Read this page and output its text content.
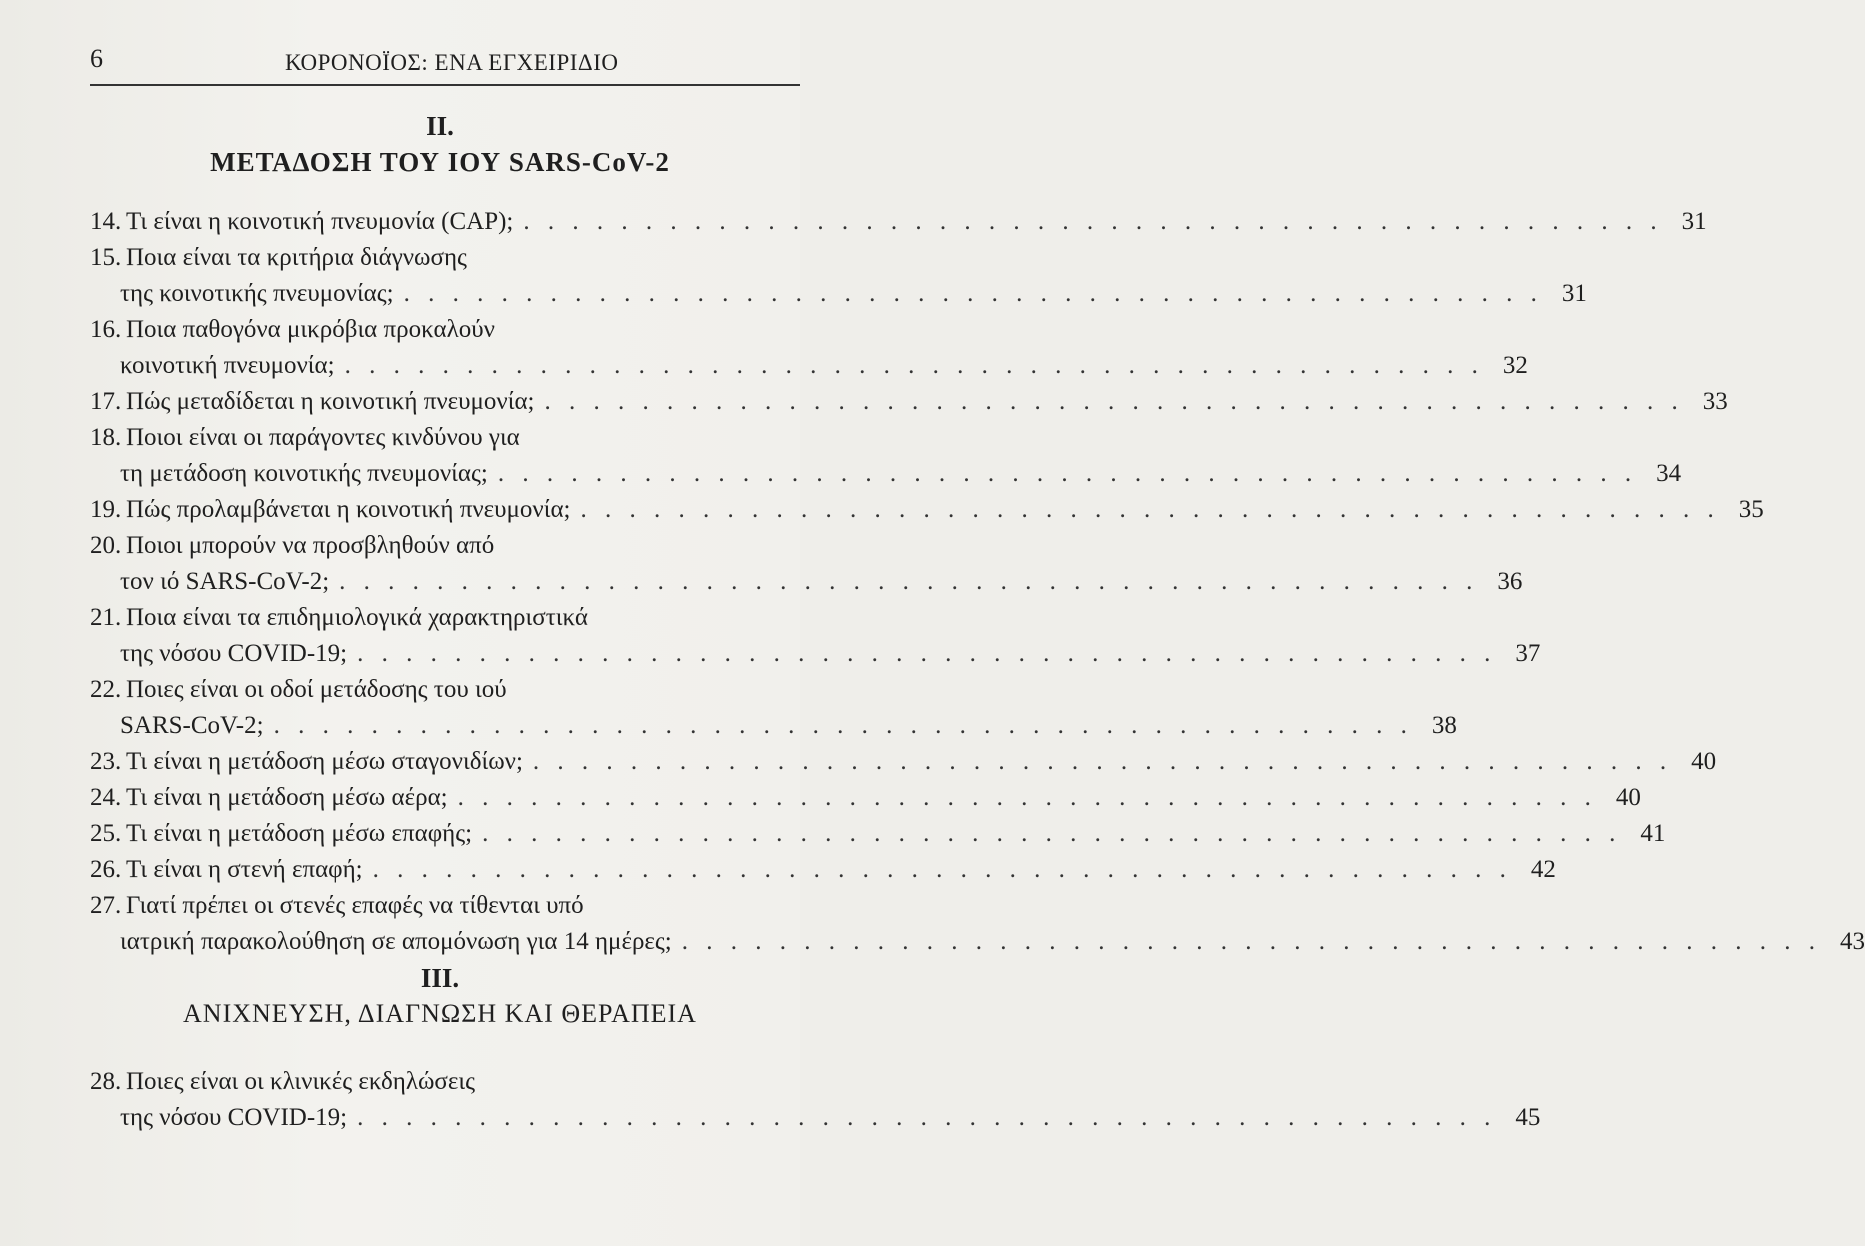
6	ΚΟΡΟΝΟΪΟΣ: ΕΝΑ ΕΓΧΕΙΡΙΔΙΟ
II.
ΜΕΤΑΔΟΣΗ ΤΟΥ ΙΟΥ SARS-CoV-2
14. Τι είναι η κοινοτική πνευμονία (CAP); . . . . . . . . . . . . . . . . . . . . . . . . . . . . . . . . . . . . . . . . . . . . . . . 31
15. Ποια είναι τα κριτήρια διάγνωσης
της κοινοτικής πνευμονίας; . . . . . . . . . . . . . . . . . . . . . . . . . . . . . . . . . . . . . . . . . . . . . . . 31
16. Ποια παθογόνα μικρόβια προκαλούν
κοινοτική πνευμονία; . . . . . . . . . . . . . . . . . . . . . . . . . . . . . . . . . . . . . . . . . . . . . . . 32
17. Πώς μεταδίδεται η κοινοτική πνευμονία; . . . . . . . . . . . . . . . . . . . . . . . . . . . . . . . . . . . . . . . . . . . . . . . 33
18. Ποιοι είναι οι παράγοντες κινδύνου για
τη μετάδοση κοινοτικής πνευμονίας; . . . . . . . . . . . . . . . . . . . . . . . . . . . . . . . . . . . . . . . . . . . . . . . 34
19. Πώς προλαμβάνεται η κοινοτική πνευμονία; . . . . . . . . . . . . . . . . . . . . . . . . . . . . . . . . . . . . . . . . . . . . . . . 35
20. Ποιοι μπορούν να προσβληθούν από
τον ιό SARS-CoV-2; . . . . . . . . . . . . . . . . . . . . . . . . . . . . . . . . . . . . . . . . . . . . . . . 36
21. Ποια είναι τα επιδημιολογικά χαρακτηριστικά
της νόσου COVID-19; . . . . . . . . . . . . . . . . . . . . . . . . . . . . . . . . . . . . . . . . . . . . . . . 37
22. Ποιες είναι οι οδοί μετάδοσης του ιού
SARS-CoV-2; . . . . . . . . . . . . . . . . . . . . . . . . . . . . . . . . . . . . . . . . . . . . . . . 38
23. Τι είναι η μετάδοση μέσω σταγονιδίων; . . . . . . . . . . . . . . . . . . . . . . . . . . . . . . . . . . . . . . . . . . . . . . . 40
24. Τι είναι η μετάδοση μέσω αέρα; . . . . . . . . . . . . . . . . . . . . . . . . . . . . . . . . . . . . . . . . . . . . . . . 40
25. Τι είναι η μετάδοση μέσω επαφής; . . . . . . . . . . . . . . . . . . . . . . . . . . . . . . . . . . . . . . . . . . . . . . . 41
26. Τι είναι η στενή επαφή; . . . . . . . . . . . . . . . . . . . . . . . . . . . . . . . . . . . . . . . . . . . . . . . 42
27. Γιατί πρέπει οι στενές επαφές να τίθενται υπό
ιατρική παρακολούθηση σε απομόνωση για 14 ημέρες; . . . . . . . . . . . . . . . . . . . . . . . . . . . . . . . . . . . . . . . . . . . . . . . 43
III.
ΑΝΙΧΝΕΥΣΗ, ΔΙΑΓΝΩΣΗ ΚΑΙ ΘΕΡΑΠΕΙΑ
28. Ποιες είναι οι κλινικές εκδηλώσεις
της νόσου COVID-19; . . . . . . . . . . . . . . . . . . . . . . . . . . . . . . . . . . . . . . . . . . . . . . . 45
